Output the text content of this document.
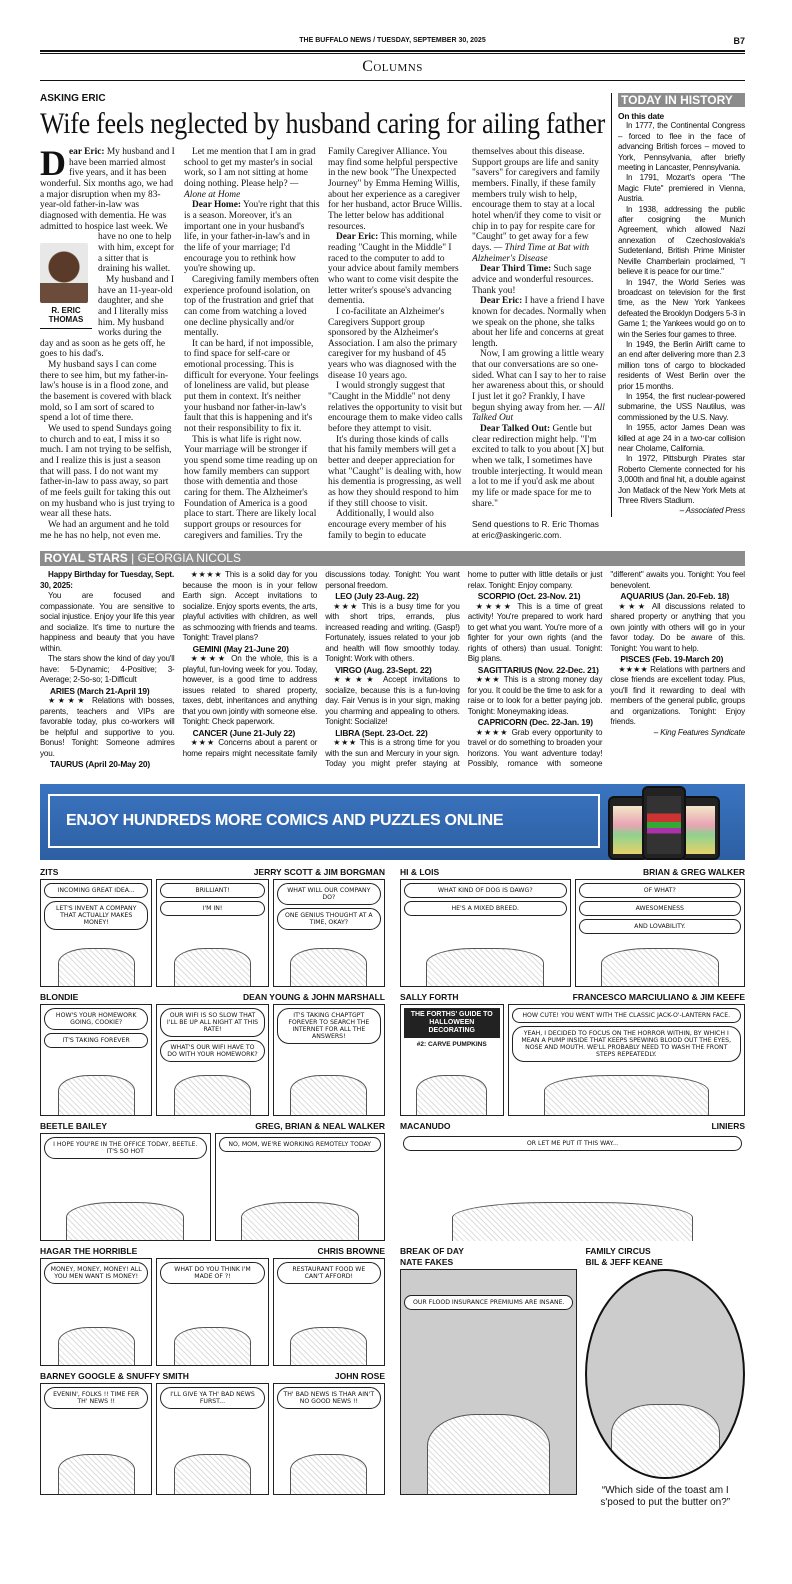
THE BUFFALO NEWS / TUESDAY, SEPTEMBER 30, 2025	B7
Columns
ASKING ERIC
Wife feels neglected by husband caring for ailing father

D
R. ERIC THOMAS
ear Eric: My husband and I have been married almost five years, and it has been wonderful. Six months ago, we had a major disruption when my 83-year-old father-in-law was diagnosed with dementia. He was admitted to hospice last week. We have no one to help with him, except for a sitter that is draining his wallet.

My husband and I have an 11-year-old daughter, and she and I literally miss him. My husband works during the day and as soon as he gets off, he goes to his dad's.

My husband says I can come there to see him, but my father-in-law's house is in a flood zone, and the basement is covered with black mold, so I am sort of scared to spend a lot of time there.

We used to spend Sundays going to church and to eat, I miss it so much. I am not trying to be selfish, and I realize this is just a season that will pass. I do not want my father-in-law to pass away, so part of me feels guilt for taking this out on my husband who is just trying to wear all these hats.

We had an argument and he told me he has no help, not even me.

Let me mention that I am in grad school to get my master's in social work, so I am not sitting at home doing nothing. Please help? — Alone at Home

Dear Home: You're right that this is a season. Moreover, it's an important one in your husband's life, in your father-in-law's and in the life of your marriage; I'd encourage you to rethink how you're showing up.

Caregiving family members often experience profound isolation, on top of the frustration and grief that can come from watching a loved one decline physically and/or mentally.

It can be hard, if not impossible, to find space for self-care or emotional processing. This is difficult for everyone. Your feelings of loneliness are valid, but please put them in context. It's neither your husband nor father-in-law's fault that this is happening and it's not their responsibility to fix it.

This is what life is right now. Your marriage will be stronger if you spend some time reading up on how family members can support those with dementia and those caring for them. The Alzheimer's Foundation of America is a good place to start. There are likely local support groups or resources for caregivers and families. Try the Family Caregiver Alliance. You may find some helpful perspective in the new book "The Unexpected Journey" by Emma Heming Willis, about her experience as a caregiver for her husband, actor Bruce Willis. The letter below has additional resources.

Dear Eric: This morning, while reading "Caught in the Middle" I raced to the computer to add to your advice about family members who want to come visit despite the letter writer's spouse's advancing dementia.

I co-facilitate an Alzheimer's Caregivers Support group sponsored by the Alzheimer's Association. I am also the primary caregiver for my husband of 45 years who was diagnosed with the disease 10 years ago.

I would strongly suggest that "Caught in the Middle" not deny relatives the opportunity to visit but encourage them to make video calls before they attempt to visit.

It's during those kinds of calls that his family members will get a better and deeper appreciation for what "Caught" is dealing with, how his dementia is progressing, as well as how they should respond to him if they still choose to visit.

Additionally, I would also encourage every member of his family to begin to educate themselves about this disease. Support groups are life and sanity "savers" for caregivers and family members. Finally, if these family members truly wish to help, encourage them to stay at a local hotel when/if they come to visit or chip in to pay for respite care for "Caught" to get away for a few days. — Third Time at Bat with Alzheimer's Disease

Dear Third Time: Such sage advice and wonderful resources. Thank you!

Dear Eric: I have a friend I have known for decades. Normally when we speak on the phone, she talks about her life and concerns at great length.

Now, I am growing a little weary that our conversations are so one-sided. What can I say to her to raise her awareness about this, or should I just let it go? Frankly, I have begun shying away from her. — All Talked Out

Dear Talked Out: Gentle but clear redirection might help. "I'm excited to talk to you about [X] but when we talk, I sometimes have trouble interjecting. It would mean a lot to me if you'd ask me about my life or made space for me to share."

Send questions to R. Eric Thomas at eric@askingeric.com.

TODAY IN HISTORY
On this date

In 1777, the Continental Congress – forced to flee in the face of advancing British forces – moved to York, Pennsylvania, after briefly meeting in Lancaster, Pennsylvania.

In 1791, Mozart's opera "The Magic Flute" premiered in Vienna, Austria.

In 1938, addressing the public after cosigning the Munich Agreement, which allowed Nazi annexation of Czechoslovakia's Sudetenland, British Prime Minister Neville Chamberlain proclaimed, "I believe it is peace for our time."

In 1947, the World Series was broadcast on television for the first time, as the New York Yankees defeated the Brooklyn Dodgers 5-3 in Game 1; the Yankees would go on to win the Series four games to three.

In 1949, the Berlin Airlift came to an end after delivering more than 2.3 million tons of cargo to blockaded residents of West Berlin over the prior 15 months.

In 1954, the first nuclear-powered submarine, the USS Nautilus, was commissioned by the U.S. Navy.

In 1955, actor James Dean was killed at age 24 in a two-car collision near Cholame, California.

In 1972, Pittsburgh Pirates star Roberto Clemente connected for his 3,000th and final hit, a double against Jon Matlack of the New York Mets at Three Rivers Stadium.

– Associated Press
ROYAL STARS | GEORGIA NICOLS

Happy Birthday for Tuesday, Sept. 30, 2025:

You are focused and compassionate. You are sensitive to social injustice. Enjoy your life this year and socialize. It's time to nurture the happiness and beauty that you have within.

The stars show the kind of day you'll have: 5-Dynamic; 4-Positive; 3-Average; 2-So-so; 1-Difficult

ARIES (March 21-April 19)

★★★★ Relations with bosses, parents, teachers and VIPs are favorable today, plus co-workers will be helpful and supportive to you. Bonus! Tonight: Someone admires you.

TAURUS (April 20-May 20)

★★★★ This is a solid day for you because the moon is in your fellow Earth sign. Accept invitations to socialize. Enjoy sports events, the arts, playful activities with children, as well as schmoozing with friends and teams. Tonight: Travel plans?

GEMINI (May 21-June 20)

★★★★ On the whole, this is a playful, fun-loving week for you. Today, however, is a good time to address issues related to shared property, taxes, debt, inheritances and anything that you own jointly with someone else. Tonight: Check paperwork.

CANCER (June 21-July 22)

★★★ Concerns about a parent or home repairs might necessitate family discussions today. Tonight: You want personal freedom.

LEO (July 23-Aug. 22)

★★★ This is a busy time for you with short trips, errands, plus increased reading and writing. (Gasp!) Fortunately, issues related to your job and health will flow smoothly today. Tonight: Work with others.

VIRGO (Aug. 23-Sept. 22)

★★★★ Accept invitations to socialize, because this is a fun-loving day. Fair Venus is in your sign, making you charming and appealing to others. Tonight: Socialize!

LIBRA (Sept. 23-Oct. 22)

★★★ This is a strong time for you with the sun and Mercury in your sign. Today you might prefer staying at home to putter with little details or just relax. Tonight: Enjoy company.

SCORPIO (Oct. 23-Nov. 21)

★★★★ This is a time of great activity! You're prepared to work hard to get what you want. You're more of a fighter for your own rights (and the rights of others) than usual. Tonight: Big plans.

SAGITTARIUS (Nov. 22-Dec. 21)

★★★ This is a strong money day for you. It could be the time to ask for a raise or to look for a better paying job. Tonight: Moneymaking ideas.

CAPRICORN (Dec. 22-Jan. 19)

★★★★ Grab every opportunity to travel or do something to broaden your horizons. You want adventure today! Possibly, romance with someone "different" awaits you. Tonight: You feel benevolent.

AQUARIUS (Jan. 20-Feb. 18)

★★★ All discussions related to shared property or anything that you own jointly with others will go in your favor today. Do be aware of this. Tonight: You want to help.

PISCES (Feb. 19-March 20)

★★★★ Relations with partners and close friends are excellent today. Plus, you'll find it rewarding to deal with members of the general public, groups and organizations. Tonight: Enjoy friends.

– King Features Syndicate
ENJOY HUNDREDS MORE COMICS AND PUZZLES ONLINE
ZITS	JERRY SCOTT & JIM BORGMAN
INCOMING GREAT IDEA...
LET'S INVENT A COMPANY THAT ACTUALLY MAKES MONEY!
BRILLIANT!
I'M IN!
WHAT WILL OUR COMPANY DO?
ONE GENIUS THOUGHT AT A TIME, OKAY?
BLONDIE	DEAN YOUNG & JOHN MARSHALL
HOW'S YOUR HOMEWORK GOING, COOKIE?
IT'S TAKING FOREVER
OUR WIFI IS SO SLOW THAT I'LL BE UP ALL NIGHT AT THIS RATE!
WHAT'S OUR WIFI HAVE TO DO WITH YOUR HOMEWORK?
IT'S TAKING CHAPTGPT FOREVER TO SEARCH THE INTERNET FOR ALL THE ANSWERS!
BEETLE BAILEY	GREG, BRIAN & NEAL WALKER
I HOPE YOU'RE IN THE OFFICE TODAY, BEETLE. IT'S SO HOT
NO, MOM, WE'RE WORKING REMOTELY TODAY
HAGAR THE HORRIBLE	CHRIS BROWNE
MONEY, MONEY, MONEY! ALL YOU MEN WANT IS MONEY!
WHAT DO YOU THINK I'M MADE OF ?!
RESTAURANT FOOD WE CAN'T AFFORD!
BARNEY GOOGLE & SNUFFY SMITH	JOHN ROSE
EVENIN', FOLKS !! TIME FER TH' NEWS !!
I'LL GIVE YA TH' BAD NEWS FURST...
TH' BAD NEWS IS THAR AIN'T NO GOOD NEWS !!
HI & LOIS	BRIAN & GREG WALKER
WHAT KIND OF DOG IS DAWG?
HE'S A MIXED BREED.
OF WHAT?
AWESOMENESS
AND LOVABILITY.
SALLY FORTH	FRANCESCO MARCIULIANO & JIM KEEFE
THE FORTHS' GUIDE TO HALLOWEEN DECORATING
#2: CARVE PUMPKINS
HOW CUTE! YOU WENT WITH THE CLASSIC JACK-O'-LANTERN FACE.
YEAH, I DECIDED TO FOCUS ON THE HORROR WITHIN, BY WHICH I MEAN A PUMP INSIDE THAT KEEPS SPEWING BLOOD OUT THE EYES, NOSE AND MOUTH. WE'LL PROBABLY NEED TO WASH THE FRONT STEPS REPEATEDLY.
MACANUDO	LINIERS
OR LET ME PUT IT THIS WAY...
BREAK OF DAY
NATE FAKES
OUR FLOOD INSURANCE PREMIUMS ARE INSANE.
FAMILY CIRCUS
BIL & JEFF KEANE
“Which side of the toast am I s'posed to put the butter on?”
